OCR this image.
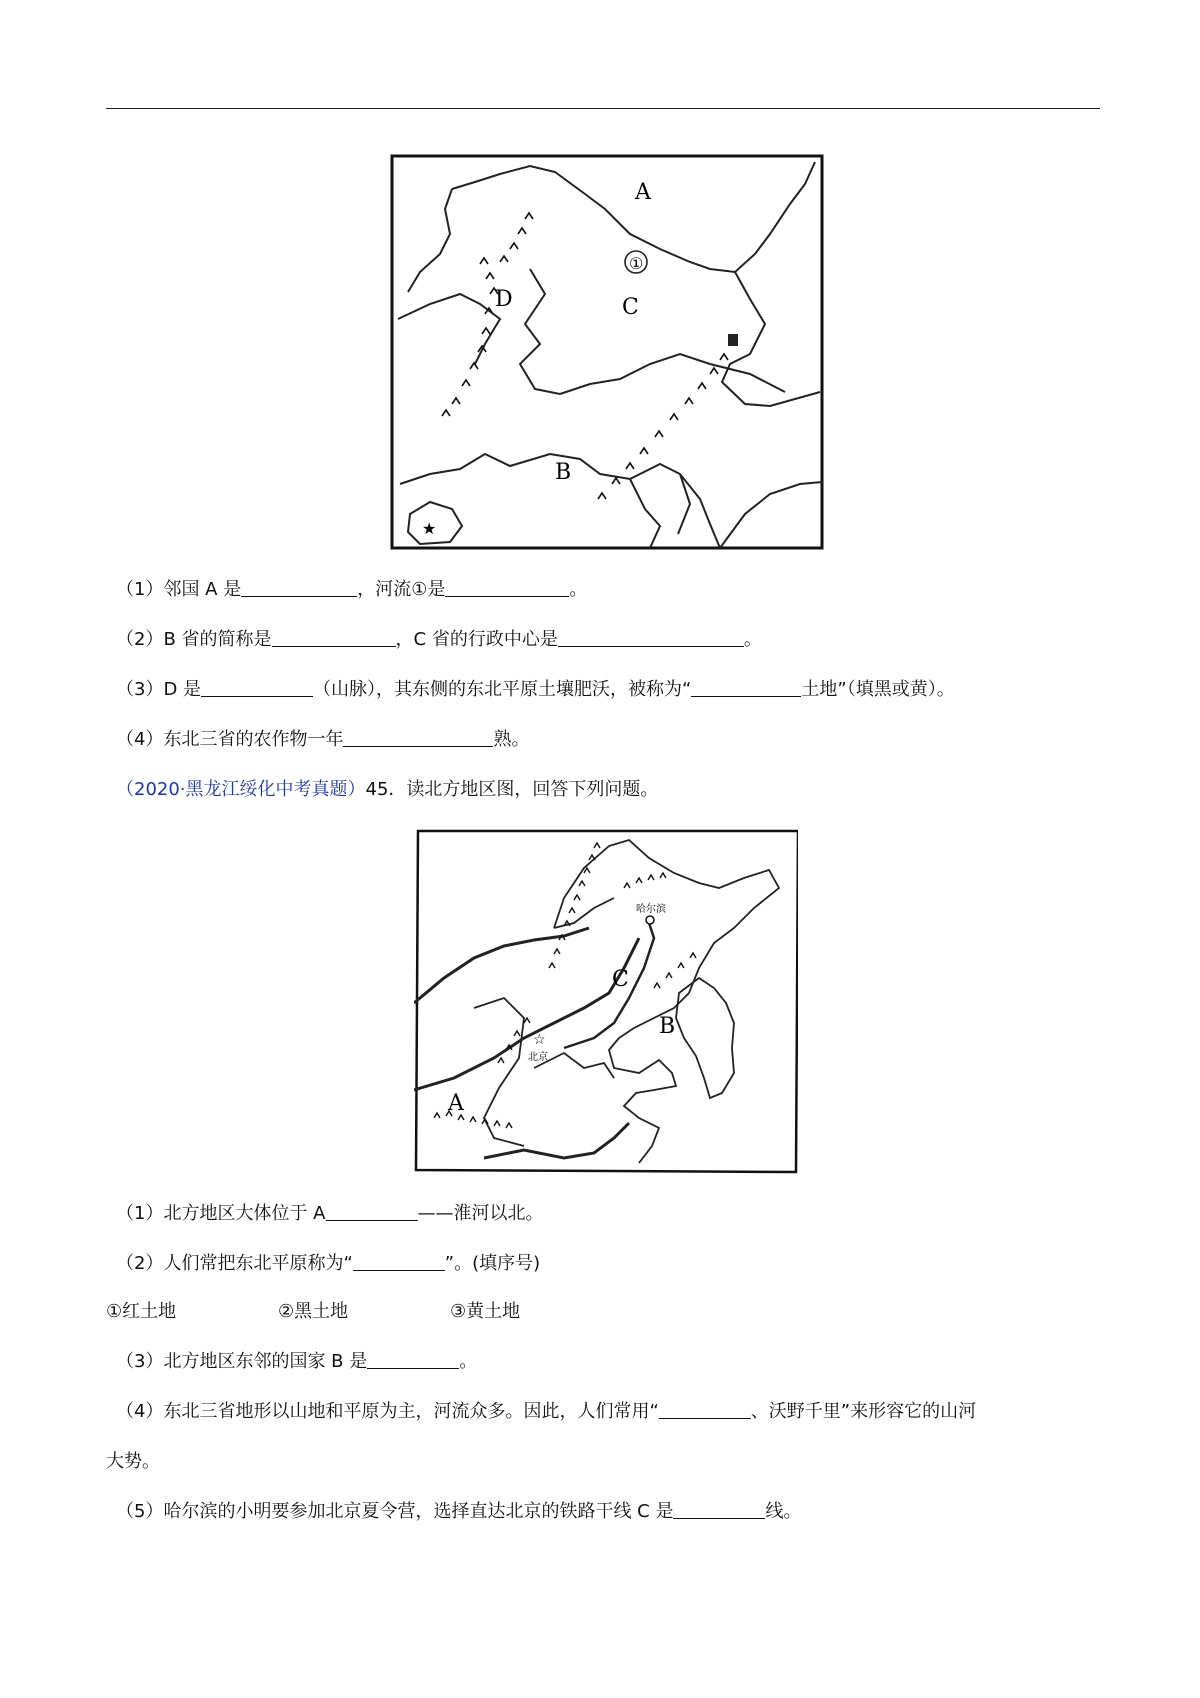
A
C
D
B
①
★
（1）邻国 A 是	，河流①是	。
（2）B 省的简称是	，C 省的行政中心是	。
（3）D 是	（山脉），其东侧的东北平原土壤肥沃，被称为“	土地”（填黑或黄）。
（4）东北三省的农作物一年	熟。
（2020·黑龙江绥化中考真题）45．读北方地区图，回答下列问题。
哈尔滨
☆
北京
C
B
A
（1）北方地区大体位于 A	——淮河以北。
（2）人们常把东北平原称为“	”。(填序号)
①红土地	②黑土地	③黄土地
（3）北方地区东邻的国家 B 是	。
（4）东北三省地形以山地和平原为主，河流众多。因此，人们常用“	、沃野千里”来形容它的山河
大势。
（5）哈尔滨的小明要参加北京夏令营，选择直达北京的铁路干线 C 是	线。
